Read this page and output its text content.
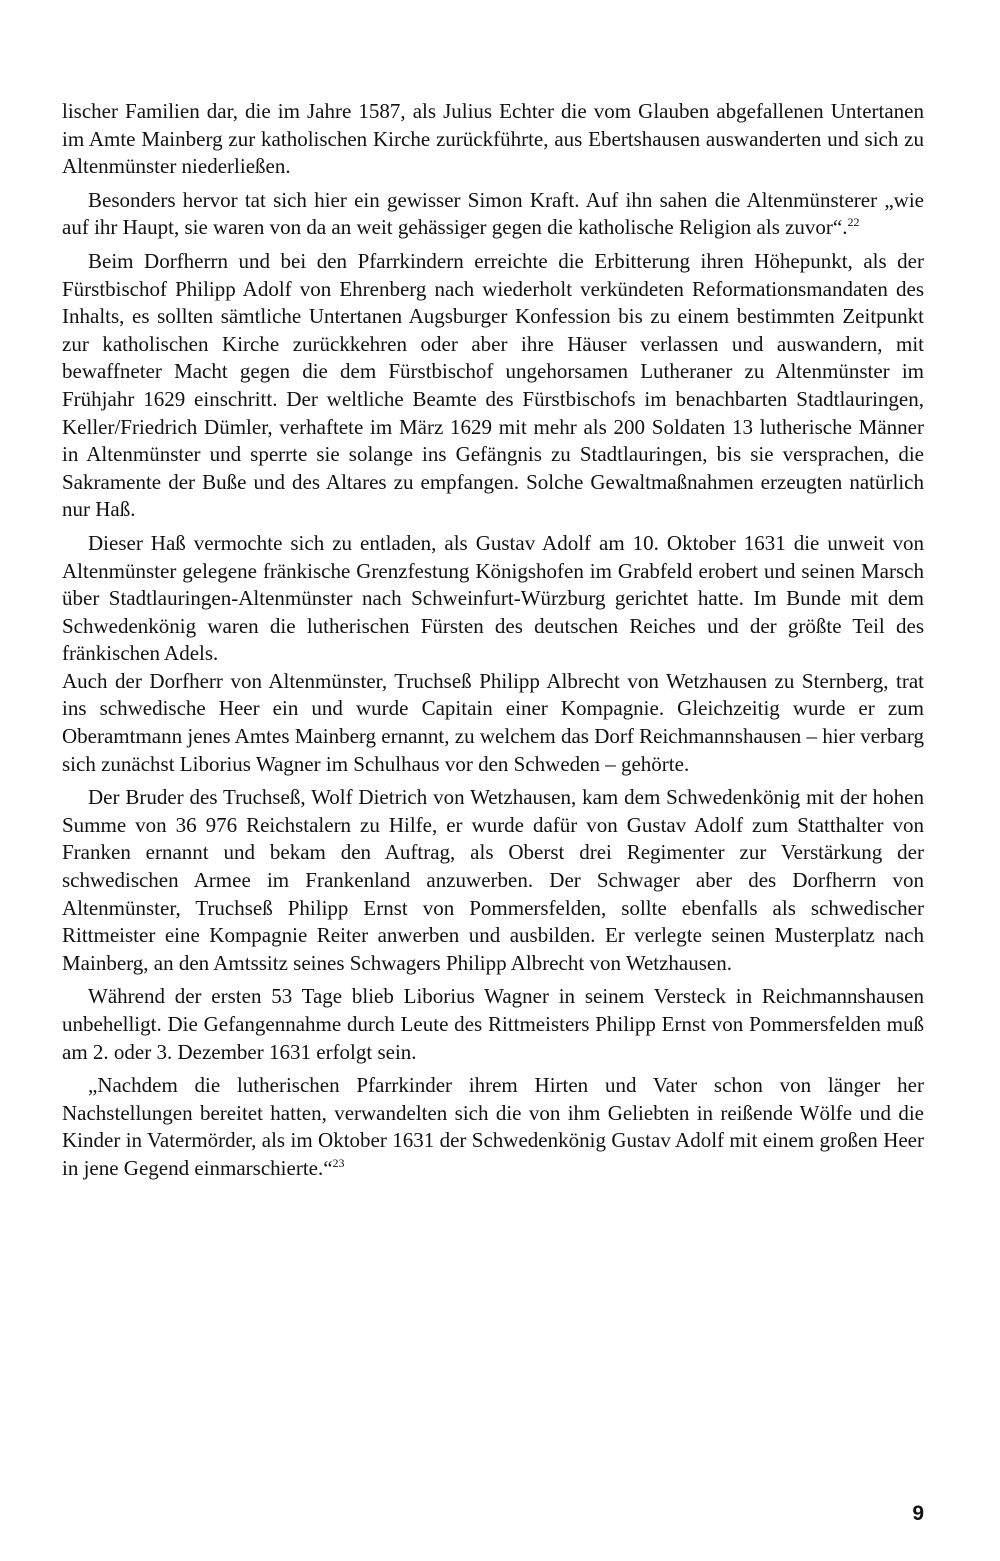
lischer Familien dar, die im Jahre 1587, als Julius Echter die vom Glauben abgefallenen Untertanen im Amte Mainberg zur katholischen Kirche zurückführte, aus Ebertshausen auswanderten und sich zu Altenmünster niederließen.

Besonders hervor tat sich hier ein gewisser Simon Kraft. Auf ihn sahen die Altenmünsterer „wie auf ihr Haupt, sie waren von da an weit gehässiger gegen die katholische Religion als zuvor“.$^{22}$

Beim Dorfherrn und bei den Pfarrkindern erreichte die Erbitterung ihren Höhepunkt, als der Fürstbischof Philipp Adolf von Ehrenberg nach wiederholt verkündeten Reformationsmandaten des Inhalts, es sollten sämtliche Untertanen Augsburger Konfession bis zu einem bestimmten Zeitpunkt zur katholischen Kirche zurückkehren oder aber ihre Häuser verlassen und auswandern, mit bewaffneter Macht gegen die dem Fürstbischof ungehorsamen Lutheraner zu Altenmünster im Frühjahr 1629 einschritt. Der weltliche Beamte des Fürstbischofs im benachbarten Stadtlauringen, Keller/Friedrich Dümler, verhaftete im März 1629 mit mehr als 200 Soldaten 13 lutherische Männer in Altenmünster und sperrte sie solange ins Gefängnis zu Stadtlauringen, bis sie versprachen, die Sakramente der Buße und des Altares zu empfangen. Solche Gewaltmaßnahmen erzeugten natürlich nur Haß.

Dieser Haß vermochte sich zu entladen, als Gustav Adolf am 10. Oktober 1631 die unweit von Altenmünster gelegene fränkische Grenzfestung Königshofen im Grabfeld erobert und seinen Marsch über Stadtlauringen-Altenmünster nach Schweinfurt-Würzburg gerichtet hatte. Im Bunde mit dem Schwedenkönig waren die lutherischen Fürsten des deutschen Reiches und der größte Teil des fränkischen Adels.

Auch der Dorfherr von Altenmünster, Truchseß Philipp Albrecht von Wetzhausen zu Sternberg, trat ins schwedische Heer ein und wurde Capitain einer Kompagnie. Gleichzeitig wurde er zum Oberamtmann jenes Amtes Mainberg ernannt, zu welchem das Dorf Reichmannshausen – hier verbarg sich zunächst Liborius Wagner im Schulhaus vor den Schweden – gehörte.

Der Bruder des Truchseß, Wolf Dietrich von Wetzhausen, kam dem Schwedenkönig mit der hohen Summe von 36 976 Reichstalern zu Hilfe, er wurde dafür von Gustav Adolf zum Statthalter von Franken ernannt und bekam den Auftrag, als Oberst drei Regimenter zur Verstärkung der schwedischen Armee im Frankenland anzuwerben. Der Schwager aber des Dorfherrn von Altenmünster, Truchseß Philipp Ernst von Pommersfelden, sollte ebenfalls als schwedischer Rittmeister eine Kompagnie Reiter anwerben und ausbilden. Er verlegte seinen Musterplatz nach Mainberg, an den Amtssitz seines Schwagers Philipp Albrecht von Wetzhausen.

Während der ersten 53 Tage blieb Liborius Wagner in seinem Versteck in Reichmannshausen unbehelligt. Die Gefangennahme durch Leute des Rittmeisters Philipp Ernst von Pommersfelden muß am 2. oder 3. Dezember 1631 erfolgt sein.

„Nachdem die lutherischen Pfarrkinder ihrem Hirten und Vater schon von länger her Nachstellungen bereitet hatten, verwandelten sich die von ihm Geliebten in reißende Wölfe und die Kinder in Vatermörder, als im Oktober 1631 der Schwedenkönig Gustav Adolf mit einem großen Heer in jene Gegend einmarschierte.“$^{23}$

9
